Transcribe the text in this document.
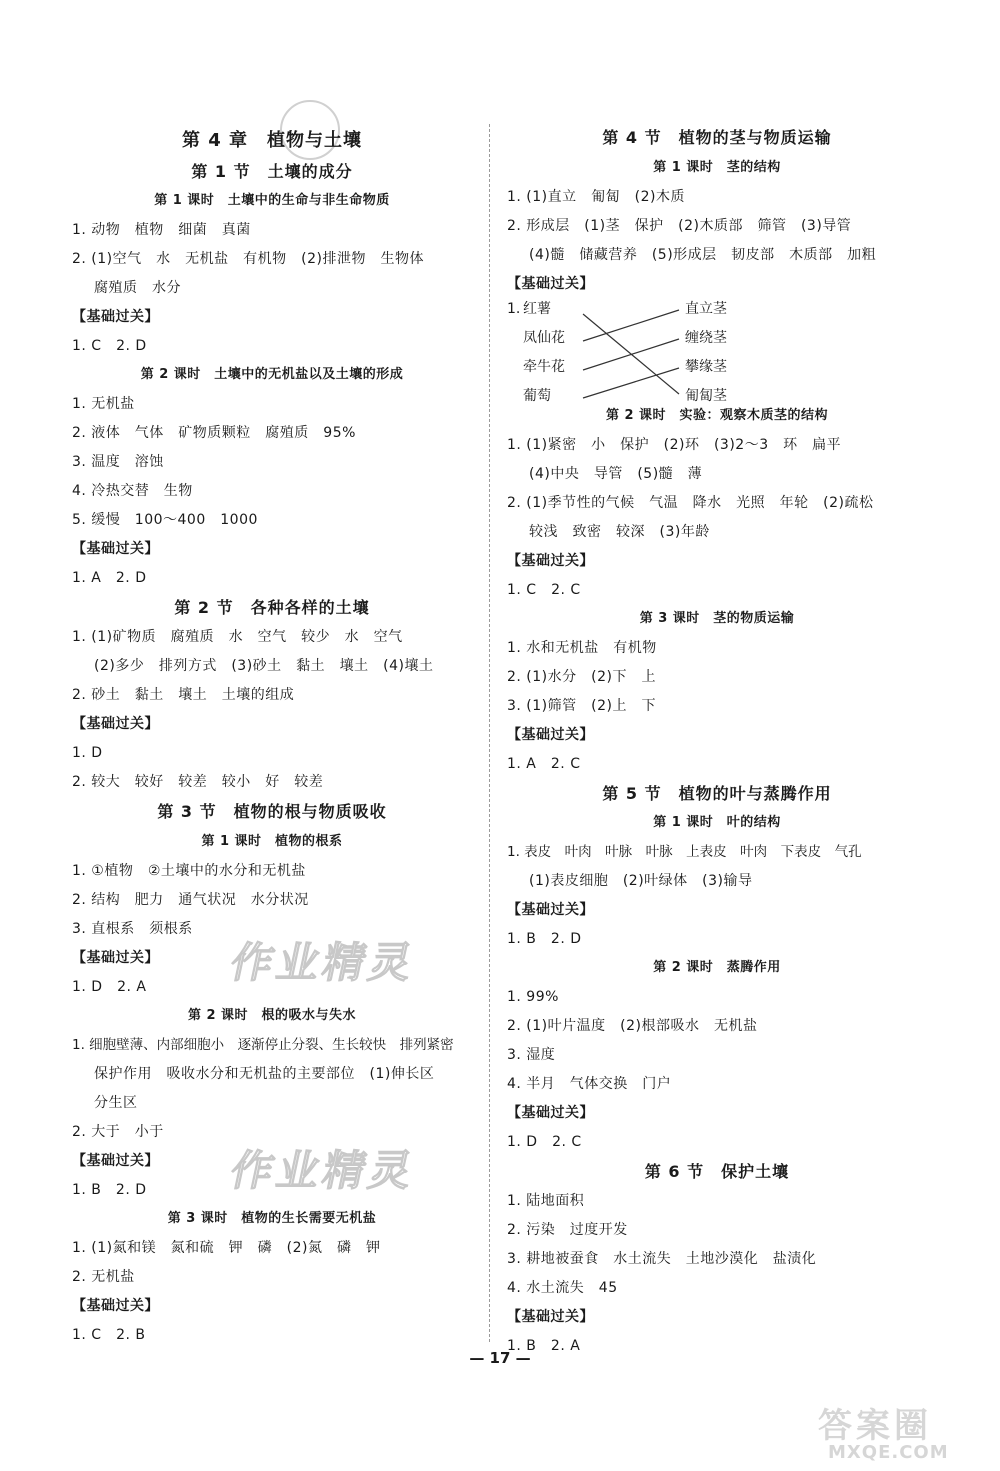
第 4 章　植物与土壤
第 1 节　土壤的成分
第 1 课时　土壤中的生命与非生命物质
1. 动物　植物　细菌　真菌
2. (1)空气　水　无机盐　有机物　(2)排泄物　生物体
腐殖质　水分
【基础过关】
1. C　2. D
第 2 课时　土壤中的无机盐以及土壤的形成
1. 无机盐
2. 液体　气体　矿物质颗粒　腐殖质　95%
3. 温度　溶蚀
4. 冷热交替　生物
5. 缓慢　100～400　1000
【基础过关】
1. A　2. D
第 2 节　各种各样的土壤
1. (1)矿物质　腐殖质　水　空气　较少　水　空气
(2)多少　排列方式　(3)砂土　黏土　壤土　(4)壤土
2. 砂土　黏土　壤土　土壤的组成
【基础过关】
1. D
2. 较大　较好　较差　较小　好　较差
第 3 节　植物的根与物质吸收
第 1 课时　植物的根系
1. ①植物　②土壤中的水分和无机盐
2. 结构　肥力　通气状况　水分状况
3. 直根系　须根系
【基础过关】
1. D　2. A
第 2 课时　根的吸水与失水
1. 细胞壁薄、内部细胞小　逐渐停止分裂、生长较快　排列紧密
保护作用　吸收水分和无机盐的主要部位　(1)伸长区
分生区
2. 大于　小于
【基础过关】
1. B　2. D
第 3 课时　植物的生长需要无机盐
1. (1)氮和镁　氮和硫　钾　磷　(2)氮　磷　钾
2. 无机盐
【基础过关】
1. C　2. B
第 4 节　植物的茎与物质运输
第 1 课时　茎的结构
1. (1)直立　匍匐　(2)木质
2. 形成层　(1)茎　保护　(2)木质部　筛管　(3)导管
(4)髓　储藏营养　(5)形成层　韧皮部　木质部　加粗
【基础过关】
1. 红薯
凤仙花
牵牛花
葡萄
直立茎
缠绕茎
攀缘茎
匍匐茎
第 2 课时　实验：观察木质茎的结构
1. (1)紧密　小　保护　(2)环　(3)2～3　环　扁平
(4)中央　导管　(5)髓　薄
2. (1)季节性的气候　气温　降水　光照　年轮　(2)疏松
较浅　致密　较深　(3)年龄
【基础过关】
1. C　2. C
第 3 课时　茎的物质运输
1. 水和无机盐　有机物
2. (1)水分　(2)下　上
3. (1)筛管　(2)上　下
【基础过关】
1. A　2. C
第 5 节　植物的叶与蒸腾作用
第 1 课时　叶的结构
1. 表皮　叶肉　叶脉　叶脉　上表皮　叶肉　下表皮　气孔
(1)表皮细胞　(2)叶绿体　(3)输导
【基础过关】
1. B　2. D
第 2 课时　蒸腾作用
1. 99%
2. (1)叶片温度　(2)根部吸水　无机盐
3. 湿度
4. 半月　气体交换　门户
【基础过关】
1. D　2. C
第 6 节　保护土壤
1. 陆地面积
2. 污染　过度开发
3. 耕地被蚕食　水土流失　土地沙漠化　盐渍化
4. 水土流失　45
【基础过关】
1. B　2. A
作业精灵
作业精灵
— 17 —
答案圈
MXQE.COM
